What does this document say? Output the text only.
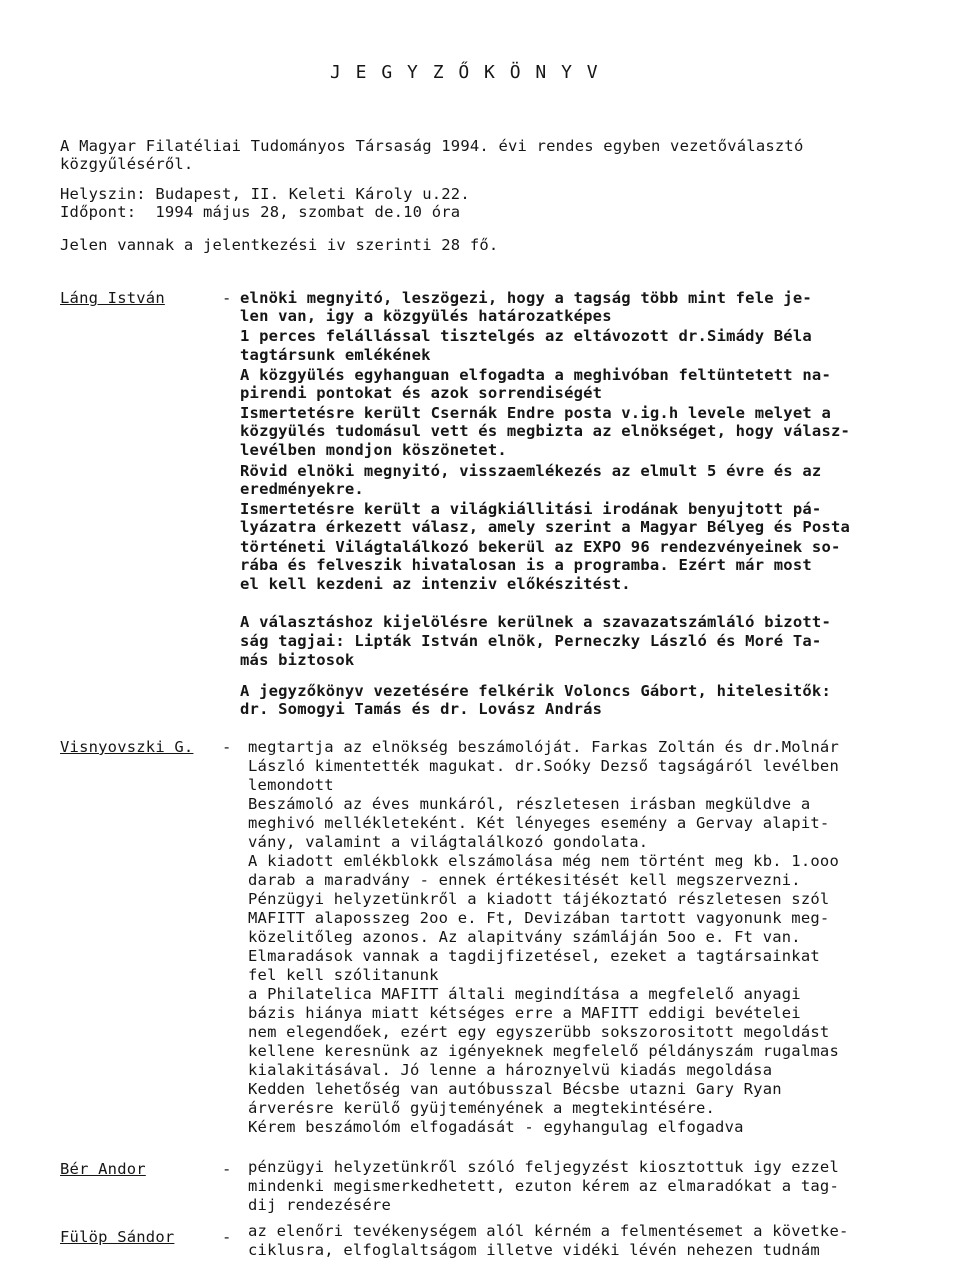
J E G Y Z Ő K Ö N Y V
A Magyar Filatéliai Tudományos Társaság 1994. évi rendes egyben vezetőválasztó
közgyűléséről.
Helyszin: Budapest, II. Keleti Károly u.22.
Időpont:  1994 május 28, szombat de.10 óra
Jelen vannak a jelentkezési iv szerinti 28 fő.
Láng István	- elnöki megnyitó, leszögezi, hogy a tagság több mint fele je-
len van, igy a közgyülés határozatképes
1 perces felállással tisztelgés az eltávozott dr.Simády Béla
tagtársunk emlékének
A közgyülés egyhanguan elfogadta a meghivóban feltüntetett na-
pirendi pontokat és azok sorrendiségét
Ismertetésre került Csernák Endre posta v.ig.h levele melyet a
közgyülés tudomásul vett és megbizta az elnökséget, hogy válasz-
levélben mondjon köszönetet.
Rövid elnöki megnyitó, visszaemlékezés az elmult 5 évre és az
eredményekre.
Ismertetésre került a világkiállitási irodának benyujtott pá-
lyázatra érkezett válasz, amely szerint a Magyar Bélyeg és Posta
történeti Világtalálkozó bekerül az EXPO 96 rendezvényeinek so-
rába és felveszik hivatalosan is a programba. Ezért már most
el kell kezdeni az intenziv előkészitést.
A választáshoz kijelölésre kerülnek a szavazatszámláló bizott-
ság tagjai: Lipták István elnök, Perneczky László és Moré Ta-
más biztosok
A jegyzőkönyv vezetésére felkérik Voloncs Gábort, hitelesitők:
dr. Somogyi Tamás és dr. Lovász András
Visnyovszki G. - megtartja az elnökség beszámolóját. Farkas Zoltán és dr.Molnár
László kimentették magukat. dr.Soóky Dezső tagságáról levélben
lemondott
Beszámoló az éves munkáról, részletesen irásban megküldve a
meghivó mellékleteként. Két lényeges esemény a Gervay alapit-
vány, valamint a világtalálkozó gondolata.
A kiadott emlékblokk elszámolása még nem történt meg kb. 1.ooo
darab a maradvány - ennek értékesitését kell megszervezni.
Pénzügyi helyzetünkről a kiadott tájékoztató részletesen szól
MAFITT alaposszeg 2oo e. Ft, Devizában tartott vagyonunk meg-
közelitőleg azonos. Az alapitvány számláján 5oo e. Ft van.
Elmaradások vannak a tagdijfizetésel, ezeket a tagtársainkat
fel kell szólitanunk
a Philatelica MAFITT általi megindítása a megfelelő anyagi
bázis hiánya miatt kétséges erre a MAFITT eddigi bevételei
nem elegendőek, ezért egy egyszerübb sokszorositott megoldást
kellene keresnünk az igényeknek megfelelő példányszám rugalmas
kialakitásával. Jó lenne a hároznyelvü kiadás megoldása
Kedden lehetőség van autóbusszal Bécsbe utazni Gary Ryan
árverésre kerülő gyüjteményének a megtekintésére.
Kérem beszámolóm elfogadását - egyhangulag elfogadva
Bér Andor	- pénzügyi helyzetünkről szóló feljegyzést kiosztottuk igy ezzel
mindenki megismerkedhetett, ezuton kérem az elmaradókat a tag-
dij rendezésére
Fülöp Sándor	- az elenőri tevékenységem alól kérném a felmentésemet a követke-
ciklusra, elfoglaltságom illetve vidéki lévén nehezen tudnám
